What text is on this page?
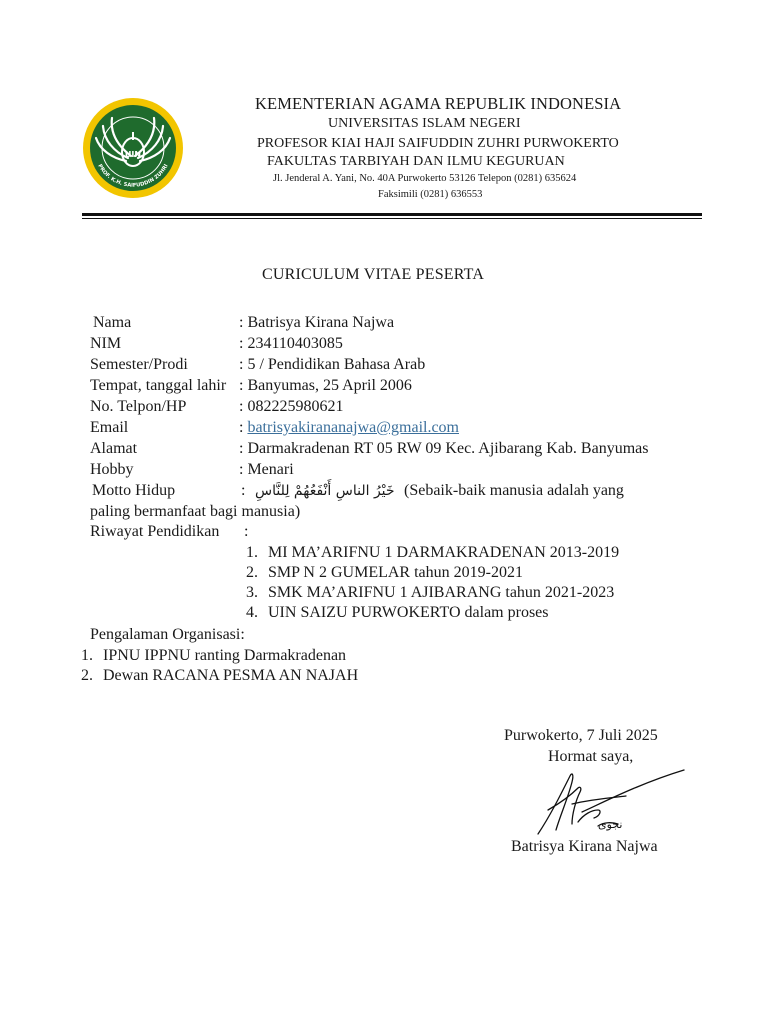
UIN
PROF. K.H. SAIFUDDIN ZUHRI
KEMENTERIAN AGAMA REPUBLIK INDONESIA
UNIVERSITAS ISLAM NEGERI
PROFESOR KIAI HAJI SAIFUDDIN ZUHRI PURWOKERTO
FAKULTAS TARBIYAH DAN ILMU KEGURUAN
Jl. Jenderal A. Yani, No. 40A Purwokerto 53126 Telepon (0281) 635624
Faksimili (0281) 636553
CURICULUM VITAE PESERTA
Nama	: Batrisya Kirana Najwa
NIM	: 234110403085
Semester/Prodi	: 5 / Pendidikan Bahasa Arab
Tempat, tanggal lahir : Banyumas, 25 April 2006
No. Telpon/HP	: 082225980621
Email	: batrisyakirananajwa@gmail.com
Alamat	: Darmakradenan RT 05 RW 09 Kec. Ajibarang Kab. Banyumas
Hobby	: Menari
Motto Hidup	: خَيْرُ الناسِ أَنْفَعُهُمْ لِلنَّاسِ (Sebaik-baik manusia adalah yang
paling bermanfaat bagi manusia)
Riwayat Pendidikan :
1. MI MA’ARIFNU 1 DARMAKRADENAN 2013-2019
2. SMP N 2 GUMELAR tahun 2019-2021
3. SMK MA’ARIFNU 1 AJIBARANG tahun 2021-2023
4. UIN SAIZU PURWOKERTO dalam proses
Pengalaman Organisasi:
1. IPNU IPPNU ranting Darmakradenan
2. Dewan RACANA PESMA AN NAJAH
Purwokerto, 7 Juli 2025
Hormat saya,
نجوى
Batrisya Kirana Najwa
